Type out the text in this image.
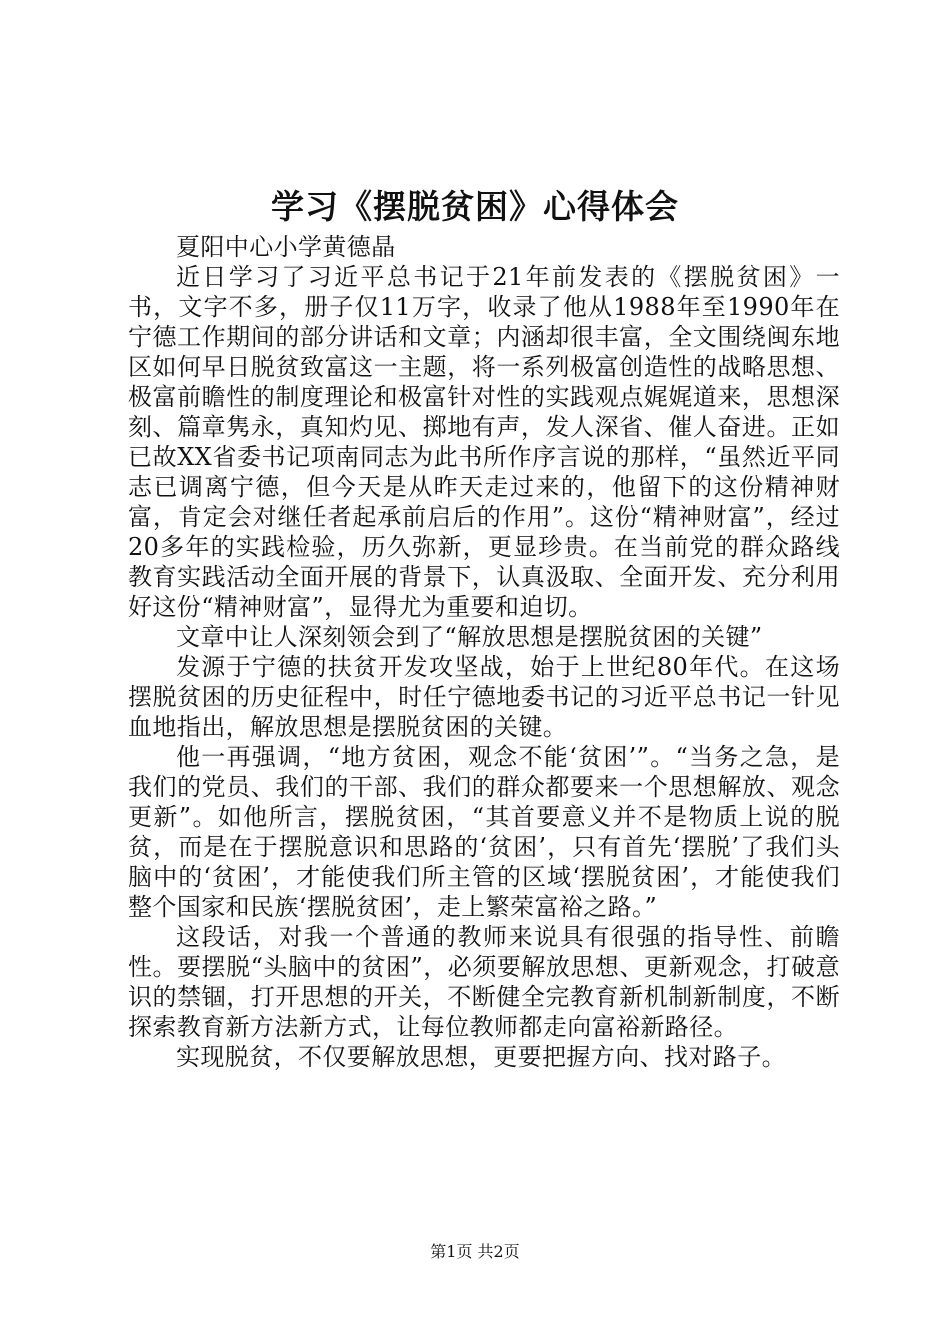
学习《摆脱贫困》心得体会

夏阳中心小学黄德晶

近日学习了习近平总书记于21年前发表的《摆脱贫困》一书，文字不多，册子仅11万字，收录了他从1988年至1990年在宁德工作期间的部分讲话和文章；内涵却很丰富，全文围绕闽东地区如何早日脱贫致富这一主题，将一系列极富创造性的战略思想、极富前瞻性的制度理论和极富针对性的实践观点娓娓道来，思想深刻、篇章隽永，真知灼见、掷地有声，发人深省、催人奋进。正如已故XX省委书记项南同志为此书所作序言说的那样，“虽然近平同志已调离宁德，但今天是从昨天走过来的，他留下的这份精神财富，肯定会对继任者起承前启后的作用”。这份“精神财富”，经过20多年的实践检验，历久弥新，更显珍贵。在当前党的群众路线教育实践活动全面开展的背景下，认真汲取、全面开发、充分利用好这份“精神财富”，显得尤为重要和迫切。

文章中让人深刻领会到了“解放思想是摆脱贫困的关键”

发源于宁德的扶贫开发攻坚战，始于上世纪80年代。在这场摆脱贫困的历史征程中，时任宁德地委书记的习近平总书记一针见血地指出，解放思想是摆脱贫困的关键。

他一再强调，“地方贫困，观念不能‘贫困’”。“当务之急，是我们的党员、我们的干部、我们的群众都要来一个思想解放、观念更新”。如他所言，摆脱贫困，“其首要意义并不是物质上说的脱贫，而是在于摆脱意识和思路的‘贫困’，只有首先‘摆脱’了我们头脑中的‘贫困’，才能使我们所主管的区域‘摆脱贫困’，才能使我们整个国家和民族‘摆脱贫困’，走上繁荣富裕之路。”

这段话，对我一个普通的教师来说具有很强的指导性、前瞻性。要摆脱“头脑中的贫困”，必须要解放思想、更新观念，打破意识的禁锢，打开思想的开关，不断健全完教育新机制新制度，不断探索教育新方法新方式，让每位教师都走向富裕新路径。

实现脱贫，不仅要解放思想，更要把握方向、找对路子。

第1页 共2页
